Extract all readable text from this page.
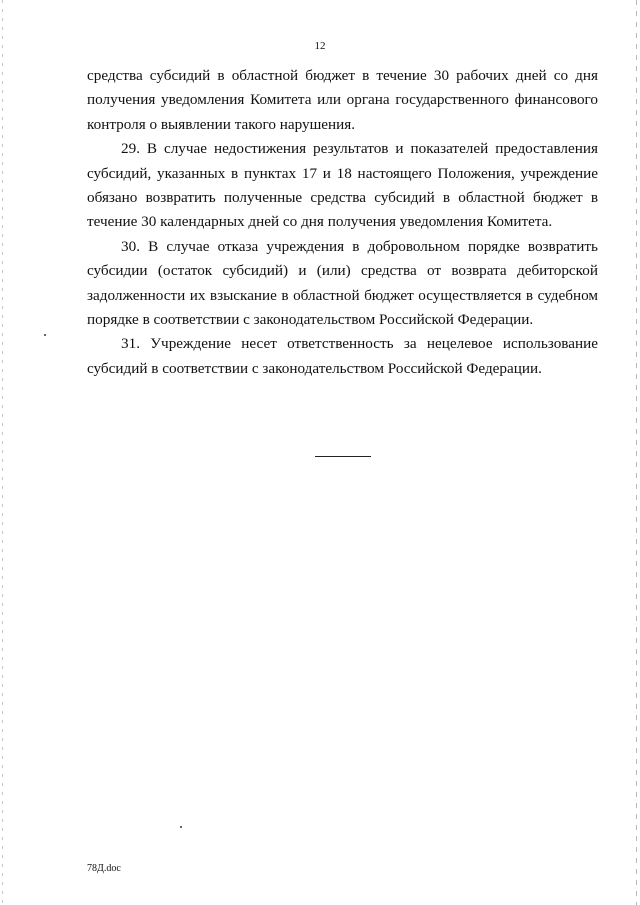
12

средства субсидий в областной бюджет в течение 30 рабочих дней со дня получения уведомления Комитета или органа государственного финансового контроля о выявлении такого нарушения.

29. В случае недостижения результатов и показателей предоставления субсидий, указанных в пунктах 17 и 18 настоящего Положения, учреждение обязано возвратить полученные средства субсидий в областной бюджет в течение 30 календарных дней со дня получения уведомления Комитета.

30. В случае отказа учреждения в добровольном порядке возвратить субсидии (остаток субсидий) и (или) средства от возврата дебиторской задолженности их взыскание в областной бюджет осуществляется в судебном порядке в соответствии с законодательством Российской Федерации.

31. Учреждение несет ответственность за нецелевое использование субсидий в соответствии с законодательством Российской Федерации.

78Д.doc
